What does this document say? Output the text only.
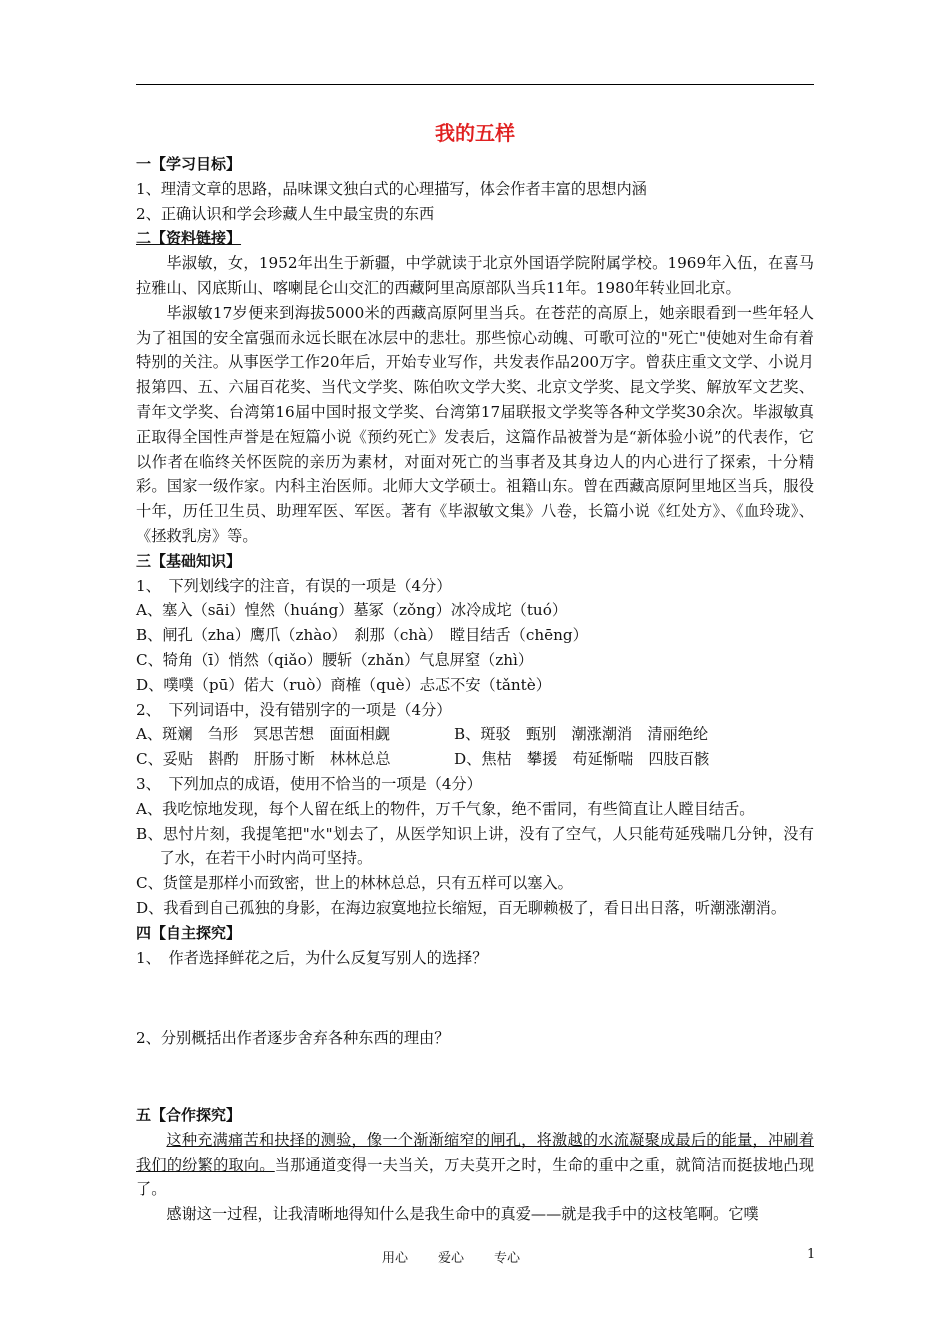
我的五样

一【学习目标】

1、理清文章的思路，品味课文独白式的心理描写，体会作者丰富的思想内涵

2、正确认识和学会珍藏人生中最宝贵的东西

二【资料链接】

毕淑敏，女，1952年出生于新疆，中学就读于北京外国语学院附属学校。1969年入伍，在喜马拉雅山、冈底斯山、喀喇昆仑山交汇的西藏阿里高原部队当兵11年。1980年转业回北京。

毕淑敏17岁便来到海拔5000米的西藏高原阿里当兵。在苍茫的高原上，她亲眼看到一些年轻人为了祖国的安全富强而永远长眠在冰层中的悲壮。那些惊心动魄、可歌可泣的"死亡"使她对生命有着特别的关注。从事医学工作20年后，开始专业写作，共发表作品200万字。曾获庄重文文学、小说月报第四、五、六届百花奖、当代文学奖、陈伯吹文学大奖、北京文学奖、昆文学奖、解放军文艺奖、青年文学奖、台湾第16届中国时报文学奖、台湾第17届联报文学奖等各种文学奖30余次。毕淑敏真正取得全国性声誉是在短篇小说《预约死亡》发表后，这篇作品被誉为是“新体验小说”的代表作，它以作者在临终关怀医院的亲历为素材，对面对死亡的当事者及其身边人的内心进行了探索，十分精彩。国家一级作家。内科主治医师。北师大文学硕士。祖籍山东。曾在西藏高原阿里地区当兵，服役十年，历任卫生员、助理军医、军医。著有《毕淑敏文集》八卷，长篇小说《红处方》、《血玲珑》、《拯救乳房》等。

三【基础知识】

1、　下列划线字的注音，有误的一项是（4分）

A、塞入（sāi）惶然（huáng）墓冢（zǒng）冰冷成坨（tuó）

B、闸孔（zha）鹰爪（zhào）　刹那（chà）　瞠目结舌（chēng）

C、犄角（ī）悄然（qiǎo）腰斩（zhǎn）气息屏窒（zhì）

D、噗噗（pū）偌大（ruò）商榷（què）忐忑不安（tǎntè）

2、　下列词语中，没有错别字的一项是（4分）

A、斑斓　刍形　冥思苦想　面面相觑	B、斑驳　甄别　潮涨潮消　清丽绝纶
C、妥贴　斟酌　肝肠寸断　林林总总	D、焦枯　攀援　苟延惭喘　四肢百骸

3、　下列加点的成语，使用不恰当的一项是（4分）

A、我吃惊地发现，每个人留在纸上的物件，万千气象，绝不雷同，有些简直让人瞠目结舌。

B、思忖片刻，我提笔把"水"划去了，从医学知识上讲，没有了空气，人只能苟延残喘几分钟，没有了水，在若干小时内尚可坚持。

C、货筐是那样小而致密，世上的林林总总，只有五样可以塞入。

D、我看到自己孤独的身影，在海边寂寞地拉长缩短，百无聊赖极了，看日出日落，听潮涨潮消。

四【自主探究】

1、　作者选择鲜花之后，为什么反复写别人的选择？

2、分别概括出作者逐步舍弃各种东西的理由？

五【合作探究】

这种充满痛苦和抉择的测验，像一个渐渐缩窄的闸孔，将激越的水流凝聚成最后的能量，冲刷着我们的纷繁的取向。当那通道变得一夫当关，万夫莫开之时，生命的重中之重，就简洁而挺拔地凸现了。

感谢这一过程，让我清晰地得知什么是我生命中的真爱——就是我手中的这枝笔啊。它噗

用心 爱心 专心	1
